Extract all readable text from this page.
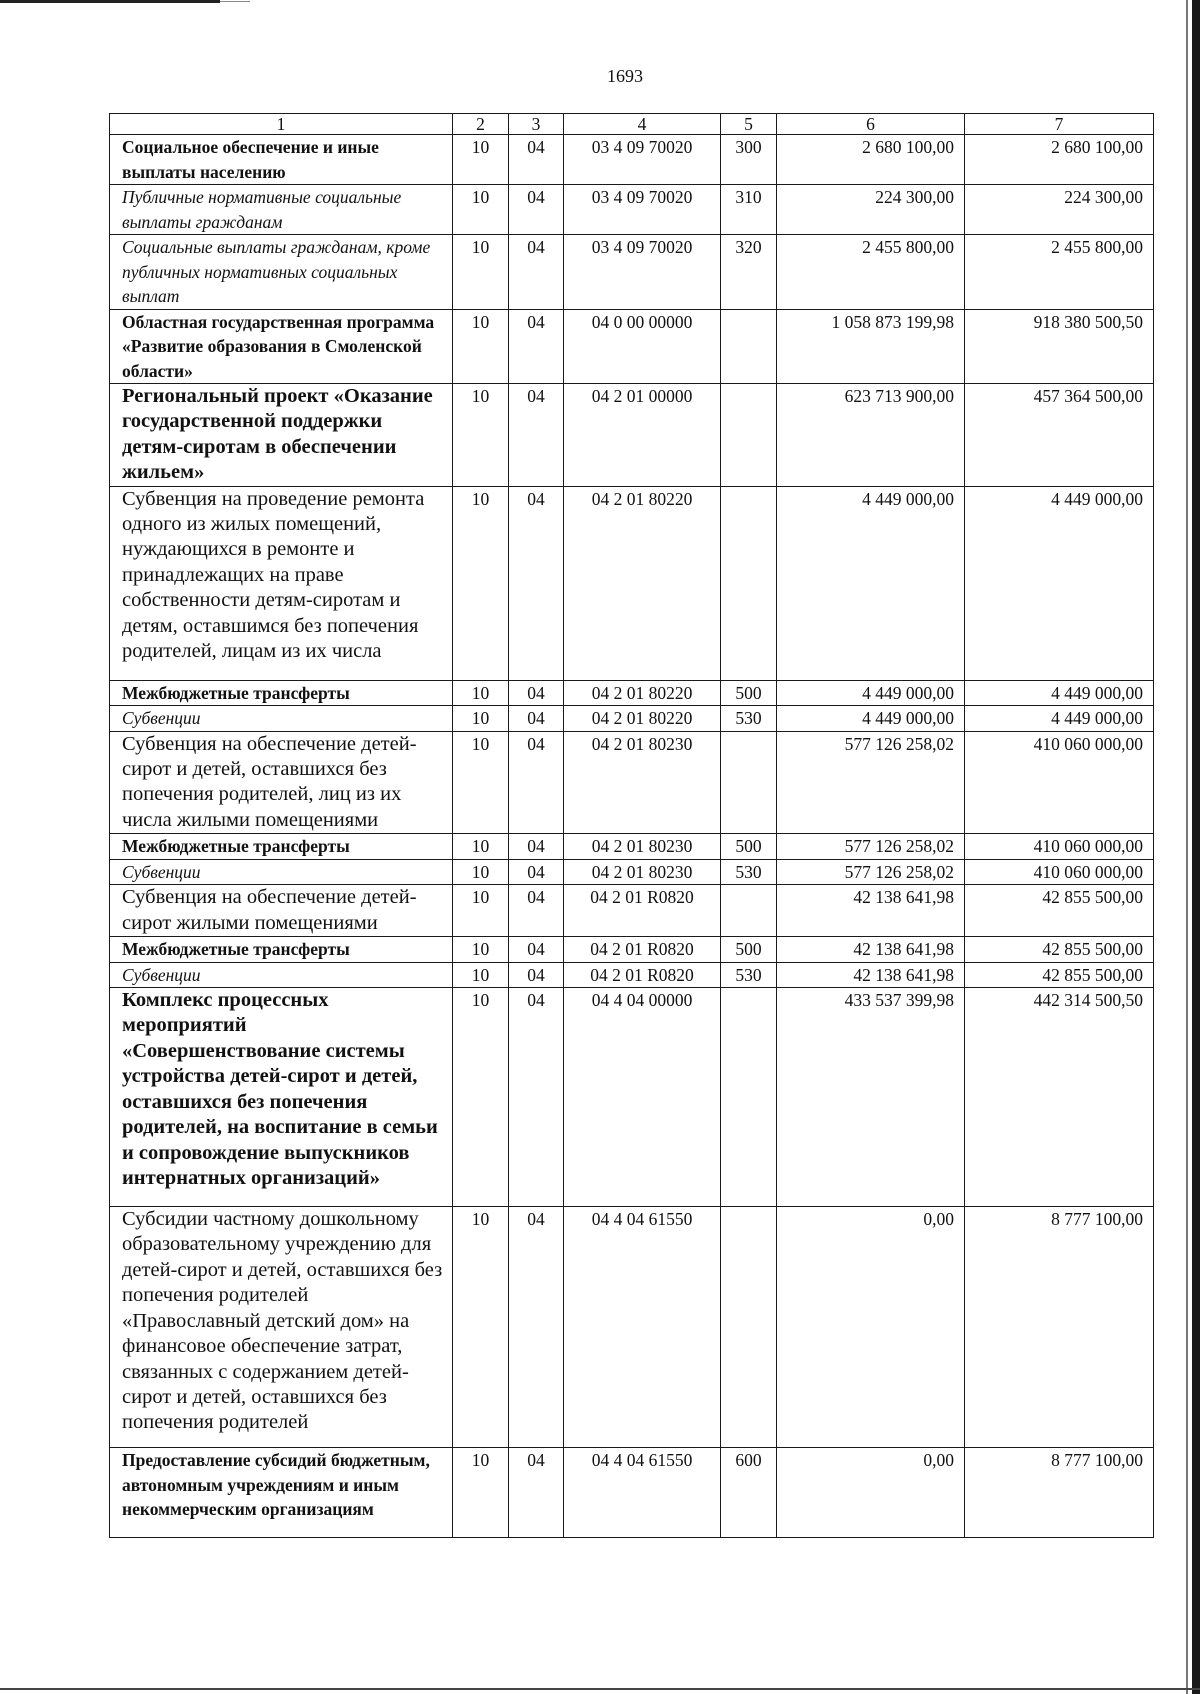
1693
1	2	3	4	5	6	7
Социальное обеспечение и иные выплаты населению	10	04	03 4 09 70020	300	2 680 100,00	2 680 100,00
Публичные нормативные социальные выплаты гражданам	10	04	03 4 09 70020	310	224 300,00	224 300,00
Социальные выплаты гражданам, кроме публичных нормативных социальных выплат	10	04	03 4 09 70020	320	2 455 800,00	2 455 800,00
Областная государственная программа «Развитие образования в Смоленской области»	10	04	04 0 00 00000		1 058 873 199,98	918 380 500,50
Региональный проект «Оказание государственной поддержки детям-сиротам в обеспечении жильем»	10	04	04 2 01 00000		623 713 900,00	457 364 500,00
Субвенция на проведение ремонта одного из жилых помещений, нуждающихся в ремонте и принадлежащих на праве собственности детям-сиротам и детям, оставшимся без попечения родителей, лицам из их числа	10	04	04 2 01 80220		4 449 000,00	4 449 000,00
Межбюджетные трансферты	10	04	04 2 01 80220	500	4 449 000,00	4 449 000,00
Субвенции	10	04	04 2 01 80220	530	4 449 000,00	4 449 000,00
Субвенция на обеспечение детей-сирот и детей, оставшихся без попечения родителей, лиц из их числа жилыми помещениями	10	04	04 2 01 80230		577 126 258,02	410 060 000,00
Межбюджетные трансферты	10	04	04 2 01 80230	500	577 126 258,02	410 060 000,00
Субвенции	10	04	04 2 01 80230	530	577 126 258,02	410 060 000,00
Субвенция на обеспечение детей-сирот жилыми помещениями	10	04	04 2 01 R0820		42 138 641,98	42 855 500,00
Межбюджетные трансферты	10	04	04 2 01 R0820	500	42 138 641,98	42 855 500,00
Субвенции	10	04	04 2 01 R0820	530	42 138 641,98	42 855 500,00
Комплекс процессных мероприятий «Совершенствование системы устройства детей-сирот и детей, оставшихся без попечения родителей, на воспитание в семьи и сопровождение выпускников интернатных организаций»	10	04	04 4 04 00000		433 537 399,98	442 314 500,50
Субсидии частному дошкольному образовательному учреждению для детей-сирот и детей, оставшихся без попечения родителей «Православный детский дом» на финансовое обеспечение затрат, связанных с содержанием детей-сирот и детей, оставшихся без попечения родителей	10	04	04 4 04 61550		0,00	8 777 100,00
Предоставление субсидий бюджетным, автономным учреждениям и иным некоммерческим организациям	10	04	04 4 04 61550	600	0,00	8 777 100,00
